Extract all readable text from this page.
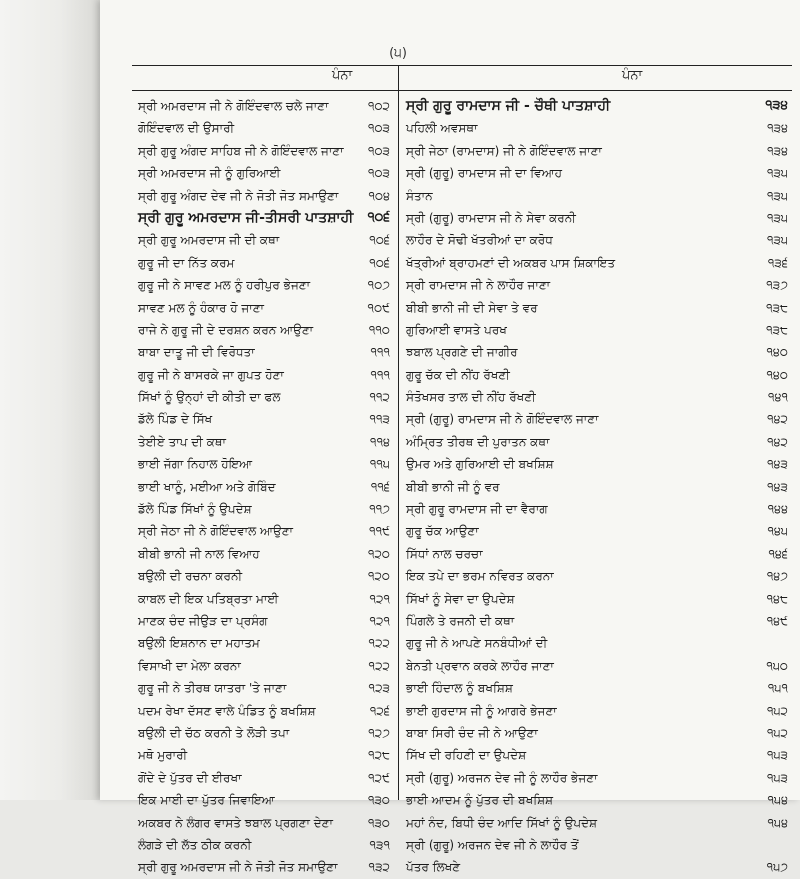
(੫)
ਪੰਨਾ	ਪੰਨਾ
ਸ੍ਰੀ ਅਮਰਦਾਸ ਜੀ ਨੇ ਗੋਇੰਦਵਾਲ ਚਲੇ ਜਾਣਾ	੧੦੨
ਗੋਇੰਦਵਾਲ ਦੀ ਉਸਾਰੀ	੧੦੩
ਸ੍ਰੀ ਗੁਰੂ ਅੰਗਦ ਸਾਹਿਬ ਜੀ ਨੇ ਗੋਇੰਦਵਾਲ ਜਾਣਾ	੧੦੩
ਸ੍ਰੀ ਅਮਰਦਾਸ ਜੀ ਨੂੰ ਗੁਰਿਆਈ	੧੦੩
ਸ੍ਰੀ ਗੁਰੂ ਅੰਗਦ ਦੇਵ ਜੀ ਨੇ ਜੋਤੀ ਜੋਤ ਸਮਾਉਣਾ	੧੦੪
ਸ੍ਰੀ ਗੁਰੂ ਅਮਰਦਾਸ ਜੀ-ਤੀਸਰੀ ਪਾਤਸ਼ਾਹੀ	੧੦੬
ਸ੍ਰੀ ਗੁਰੂ ਅਮਰਦਾਸ ਜੀ ਦੀ ਕਥਾ	੧੦੬
ਗੁਰੂ ਜੀ ਦਾ ਨਿੱਤ ਕਰਮ	੧੦੬
ਗੁਰੂ ਜੀ ਨੇ ਸਾਵਣ ਮਲ ਨੂੰ ਹਰੀਪੁਰ ਭੇਜਣਾ	੧੦੭
ਸਾਵਣ ਮਲ ਨੂੰ ਹੰਕਾਰ ਹੋ ਜਾਣਾ	੧੦੯
ਰਾਜੇ ਨੇ ਗੁਰੂ ਜੀ ਦੇ ਦਰਸ਼ਨ ਕਰਨ ਆਉਣਾ	੧੧੦
ਬਾਬਾ ਦਾਤੂ ਜੀ ਦੀ ਵਿਰੋਧਤਾ	੧੧੧
ਗੁਰੂ ਜੀ ਨੇ ਬਾਸਰਕੇ ਜਾ ਗੁਪਤ ਹੋਣਾ	੧੧੧
ਸਿੱਖਾਂ ਨੂੰ ਉਨ੍ਹਾਂ ਦੀ ਕੀਤੀ ਦਾ ਫਲ	੧੧੨
ਡੱਲੇ ਪਿੰਡ ਦੇ ਸਿੱਖ	੧੧੩
ਤੇਈਏ ਤਾਪ ਦੀ ਕਥਾ	੧੧੪
ਭਾਈ ਜੱਗਾ ਨਿਹਾਲ ਹੋਇਆ	੧੧੫
ਭਾਈ ਖਾਨੂੰ, ਮਈਆ ਅਤੇ ਗੋਬਿੰਦ	੧੧੬
ਡੱਲੇ ਪਿੰਡ ਸਿੱਖਾਂ ਨੂੰ ਉਪਦੇਸ਼	੧੧੭
ਸ੍ਰੀ ਜੇਠਾ ਜੀ ਨੇ ਗੋਇੰਦਵਾਲ ਆਉਣਾ	੧੧੯
ਬੀਬੀ ਭਾਨੀ ਜੀ ਨਾਲ ਵਿਆਹ	੧੨੦
ਬਉਲੀ ਦੀ ਰਚਨਾ ਕਰਨੀ	੧੨੦
ਕਾਬਲ ਦੀ ਇਕ ਪਤਿਬ੍ਰਤਾ ਮਾਈ	੧੨੧
ਮਾਣਕ ਚੰਦ ਜੀਉੜ ਦਾ ਪ੍ਰਸੰਗ	੧੨੧
ਬਉਲੀ ਇਸ਼ਨਾਨ ਦਾ ਮਹਾਤਮ	੧੨੨
ਵਿਸਾਖੀ ਦਾ ਮੇਲਾ ਕਰਨਾ	੧੨੨
ਗੁਰੂ ਜੀ ਨੇ ਤੀਰਥ ਯਾਤਰਾ 'ਤੇ ਜਾਣਾ	੧੨੩
ਪਦਮ ਰੇਖਾ ਦੱਸਣ ਵਾਲੇ ਪੰਡਿਤ ਨੂੰ ਬਖਸ਼ਿਸ਼	੧੨੬
ਬਉਲੀ ਦੀ ਚੱਠ ਕਰਨੀ ਤੇ ਲੋੜੀ ਤਪਾ	੧੨੭
ਮਥੋ ਮੁਰਾਰੀ	੧੨੮
ਗੋਂਦੇ ਦੇ ਪੁੱਤਰ ਦੀ ਈਰਖਾ	੧੨੯
ਇਕ ਮਾਈ ਦਾ ਪੁੱਤਰ ਜਿਵਾਇਆ	੧੩੦
ਅਕਬਰ ਨੇ ਲੰਗਰ ਵਾਸਤੇ ਝਬਾਲ ਪ੍ਰਗਣਾ ਦੇਣਾ	੧੩੦
ਲੰਗੜੇ ਦੀ ਲੱਤ ਠੀਕ ਕਰਨੀ	੧੩੧
ਸ੍ਰੀ ਗੁਰੂ ਅਮਰਦਾਸ ਜੀ ਨੇ ਜੋਤੀ ਜੋਤ ਸਮਾਉਣਾ	੧੩੨
ਸ੍ਰੀ ਗੁਰੂ ਰਾਮਦਾਸ ਜੀ - ਚੌਥੀ ਪਾਤਸ਼ਾਹੀ	੧੩੪
ਪਹਿਲੀ ਅਵਸਥਾ	੧੩੪
ਸ੍ਰੀ ਜੇਠਾ (ਰਾਮਦਾਸ) ਜੀ ਨੇ ਗੋਇੰਦਵਾਲ ਜਾਣਾ	੧੩੪
ਸ੍ਰੀ (ਗੁਰੂ) ਰਾਮਦਾਸ ਜੀ ਦਾ ਵਿਆਹ	੧੩੫
ਸੰਤਾਨ	੧੩੫
ਸ੍ਰੀ (ਗੁਰੂ) ਰਾਮਦਾਸ ਜੀ ਨੇ ਸੇਵਾ ਕਰਨੀ	੧੩੫
ਲਾਹੌਰ ਦੇ ਸੋਢੀ ਖੱਤਰੀਆਂ ਦਾ ਕਰੋਧ	੧੩੫
ਖੱਤ੍ਰੀਆਂ ਬ੍ਰਾਹਮਣਾਂ ਦੀ ਅਕਬਰ ਪਾਸ ਸ਼ਿਕਾਇਤ	੧੩੬
ਸ੍ਰੀ ਰਾਮਦਾਸ ਜੀ ਨੇ ਲਾਹੌਰ ਜਾਣਾ	੧੩੭
ਬੀਬੀ ਭਾਨੀ ਜੀ ਦੀ ਸੇਵਾ ਤੇ ਵਰ	੧੩੮
ਗੁਰਿਆਈ ਵਾਸਤੇ ਪਰਖ	੧੩੮
ਝਬਾਲ ਪ੍ਰਗਣੇ ਦੀ ਜਾਗੀਰ	੧੪੦
ਗੁਰੂ ਚੱਕ ਦੀ ਨੀਂਹ ਰੱਖਣੀ	੧੪੦
ਸੰਤੋਖਸਰ ਤਾਲ ਦੀ ਨੀਂਹ ਰੱਖਣੀ	੧੪੧
ਸ੍ਰੀ (ਗੁਰੂ) ਰਾਮਦਾਸ ਜੀ ਨੇ ਗੋਇੰਦਵਾਲ ਜਾਣਾ	੧੪੨
ਅੰਮ੍ਰਿਤ ਤੀਰਥ ਦੀ ਪੁਰਾਤਨ ਕਥਾ	੧੪੨
ਉਮਰ ਅਤੇ ਗੁਰਿਆਈ ਦੀ ਬਖਸ਼ਿਸ਼	੧੪੩
ਬੀਬੀ ਭਾਨੀ ਜੀ ਨੂੰ ਵਰ	੧੪੩
ਸ੍ਰੀ ਗੁਰੂ ਰਾਮਦਾਸ ਜੀ ਦਾ ਵੈਰਾਗ	੧੪੪
ਗੁਰੂ ਚੱਕ ਆਉਣਾ	੧੪੫
ਸਿੱਧਾਂ ਨਾਲ ਚਰਚਾ	੧੪੬
ਇਕ ਤਪੇ ਦਾ ਭਰਮ ਨਵਿਰਤ ਕਰਨਾ	੧੪੭
ਸਿੱਖਾਂ ਨੂੰ ਸੇਵਾ ਦਾ ਉਪਦੇਸ਼	੧੪੮
ਪਿੰਗਲੇ ਤੇ ਰਜਨੀ ਦੀ ਕਥਾ	੧੪੯
ਗੁਰੂ ਜੀ ਨੇ ਆਪਣੇ ਸਨਬੰਧੀਆਂ ਦੀ
ਬੇਨਤੀ ਪ੍ਰਵਾਨ ਕਰਕੇ ਲਾਹੌਰ ਜਾਣਾ	੧੫੦
ਭਾਈ ਹਿੰਦਾਲ ਨੂੰ ਬਖਸ਼ਿਸ਼	੧੫੧
ਭਾਈ ਗੁਰਦਾਸ ਜੀ ਨੂੰ ਆਗਰੇ ਭੇਜਣਾ	੧੫੨
ਬਾਬਾ ਸਿਰੀ ਚੰਦ ਜੀ ਨੇ ਆਉਣਾ	੧੫੨
ਸਿੱਖ ਦੀ ਰਹਿਣੀ ਦਾ ਉਪਦੇਸ਼	੧੫੩
ਸ੍ਰੀ (ਗੁਰੂ) ਅਰਜਨ ਦੇਵ ਜੀ ਨੂੰ ਲਾਹੌਰ ਭੇਜਣਾ	੧੫੩
ਭਾਈ ਆਦਮ ਨੂੰ ਪੁੱਤਰ ਦੀ ਬਖਸ਼ਿਸ਼	੧੫੪
ਮਹਾਂ ਨੰਦ, ਬਿਧੀ ਚੰਦ ਆਦਿ ਸਿੱਖਾਂ ਨੂੰ ਉਪਦੇਸ਼	੧੫੪
ਸ੍ਰੀ (ਗੁਰੂ) ਅਰਜਨ ਦੇਵ ਜੀ ਨੇ ਲਾਹੌਰ ਤੋਂ
ਪੱਤਰ ਲਿਖਣੇ	੧੫੭
